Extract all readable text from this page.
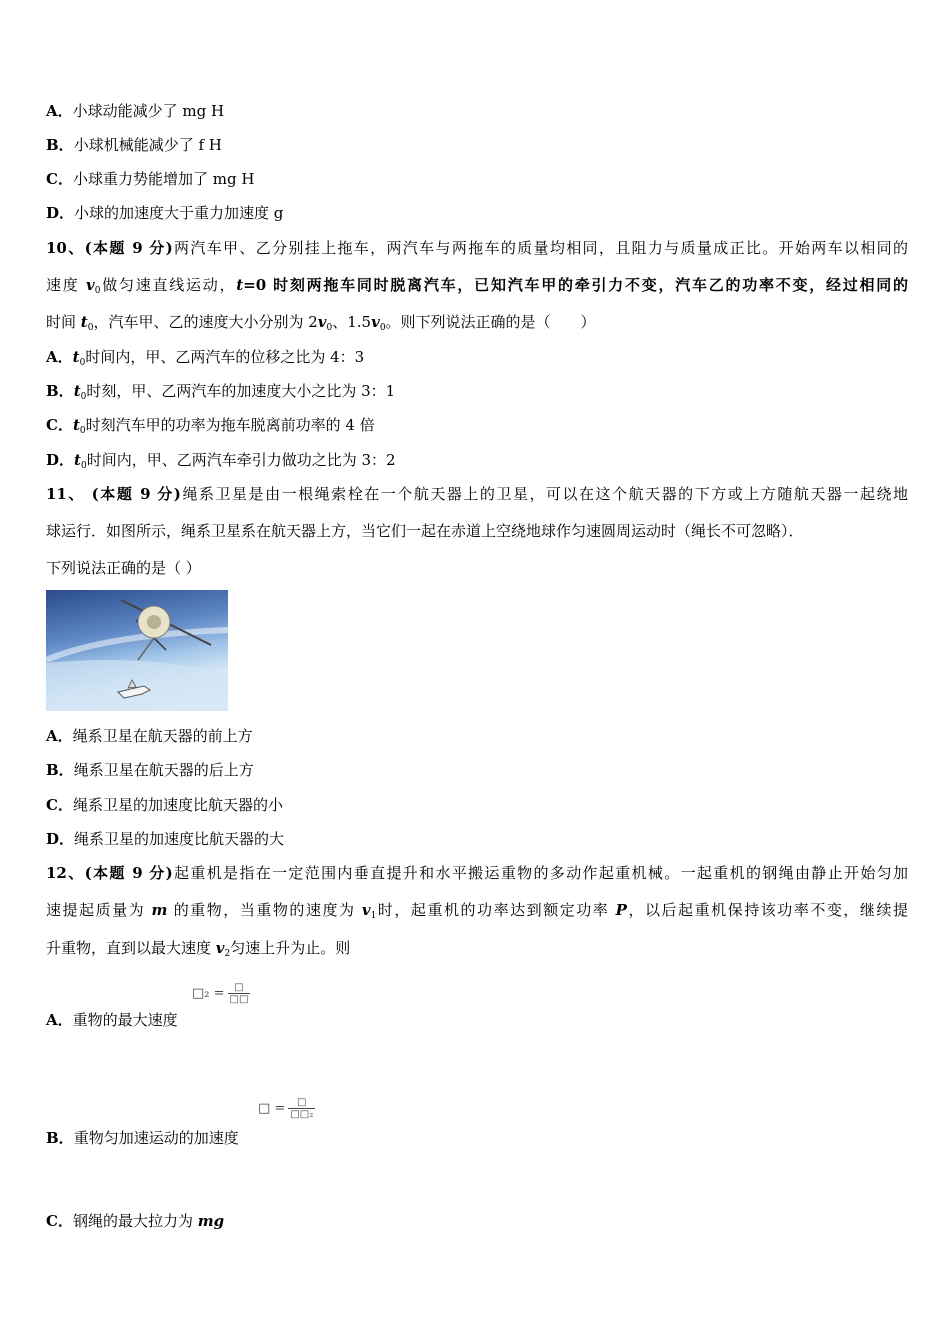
A．小球动能减少了 mg H
B．小球机械能减少了 f H
C．小球重力势能增加了 mg H
D．小球的加速度大于重力加速度 g
10、(本题 9 分)两汽车甲、乙分别挂上拖车，两汽车与两拖车的质量均相同，且阻力与质量成正比。开始两车以相同的
速度 $v_0$做匀速直线运动，t=0 时刻两拖车同时脱离汽车，已知汽车甲的牵引力不变，汽车乙的功率不变，经过相同的
时间 $t_0$，汽车甲、乙的速度大小分别为 $2v_0$、$1.5v_0$。则下列说法正确的是（　　）
A．$t_0$时间内，甲、乙两汽车的位移之比为 4：3
B．$t_0$时刻，甲、乙两汽车的加速度大小之比为 3：1
C．$t_0$时刻汽车甲的功率为拖车脱离前功率的 4 倍
D．$t_0$时间内，甲、乙两汽车牵引力做功之比为 3：2
11、 (本题 9 分)绳系卫星是由一根绳索栓在一个航天器上的卫星，可以在这个航天器的下方或上方随航天器一起绕地
球运行．如图所示，绳系卫星系在航天器上方，当它们一起在赤道上空绕地球作匀速圆周运动时（绳长不可忽略）．
下列说法正确的是（ ）
A．绳系卫星在航天器的前上方
B．绳系卫星在航天器的后上方
C．绳系卫星的加速度比航天器的小
D．绳系卫星的加速度比航天器的大
12、(本题 9 分)起重机是指在一定范围内垂直提升和水平搬运重物的多动作起重机械。一起重机的钢绳由静止开始匀加
速提起质量为 m 的重物，当重物的速度为 $v_1$时，起重机的功率达到额定功率 P，以后起重机保持该功率不变，继续提
升重物，直到以最大速度 $v_2$匀速上升为止。则
□₂ = $\frac{□}{□□}$
A．重物的最大速度
□ = $\frac{□}{\text{□□₂}}$
B．重物匀加速运动的加速度
C．钢绳的最大拉力为 mg
